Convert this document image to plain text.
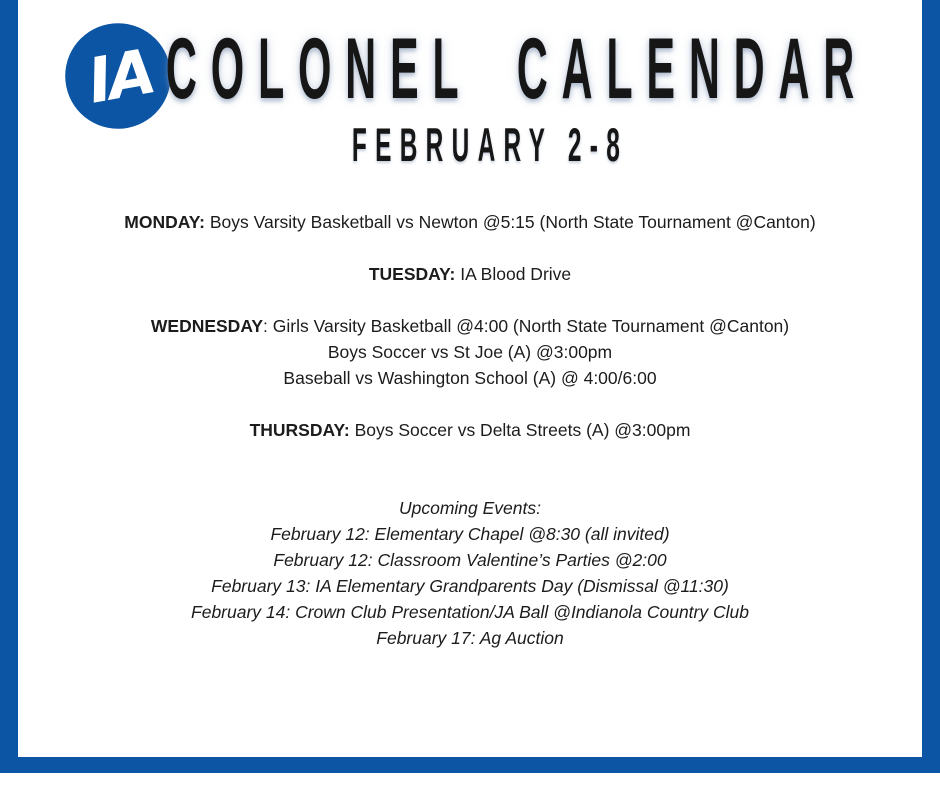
IA COLONEL CALENDAR
FEBRUARY 2-8
MONDAY: Boys Varsity Basketball vs Newton @5:15 (North State Tournament @Canton)
TUESDAY: IA Blood Drive
WEDNESDAY: Girls Varsity Basketball @4:00 (North State Tournament @Canton)
Boys Soccer vs St Joe (A) @3:00pm
Baseball vs Washington School (A) @ 4:00/6:00
THURSDAY: Boys Soccer vs Delta Streets (A) @3:00pm
Upcoming Events:
February 12: Elementary Chapel @8:30 (all invited)
February 12: Classroom Valentine’s Parties @2:00
February 13: IA Elementary Grandparents Day (Dismissal @11:30)
February 14: Crown Club Presentation/JA Ball @Indianola Country Club
February 17: Ag Auction
